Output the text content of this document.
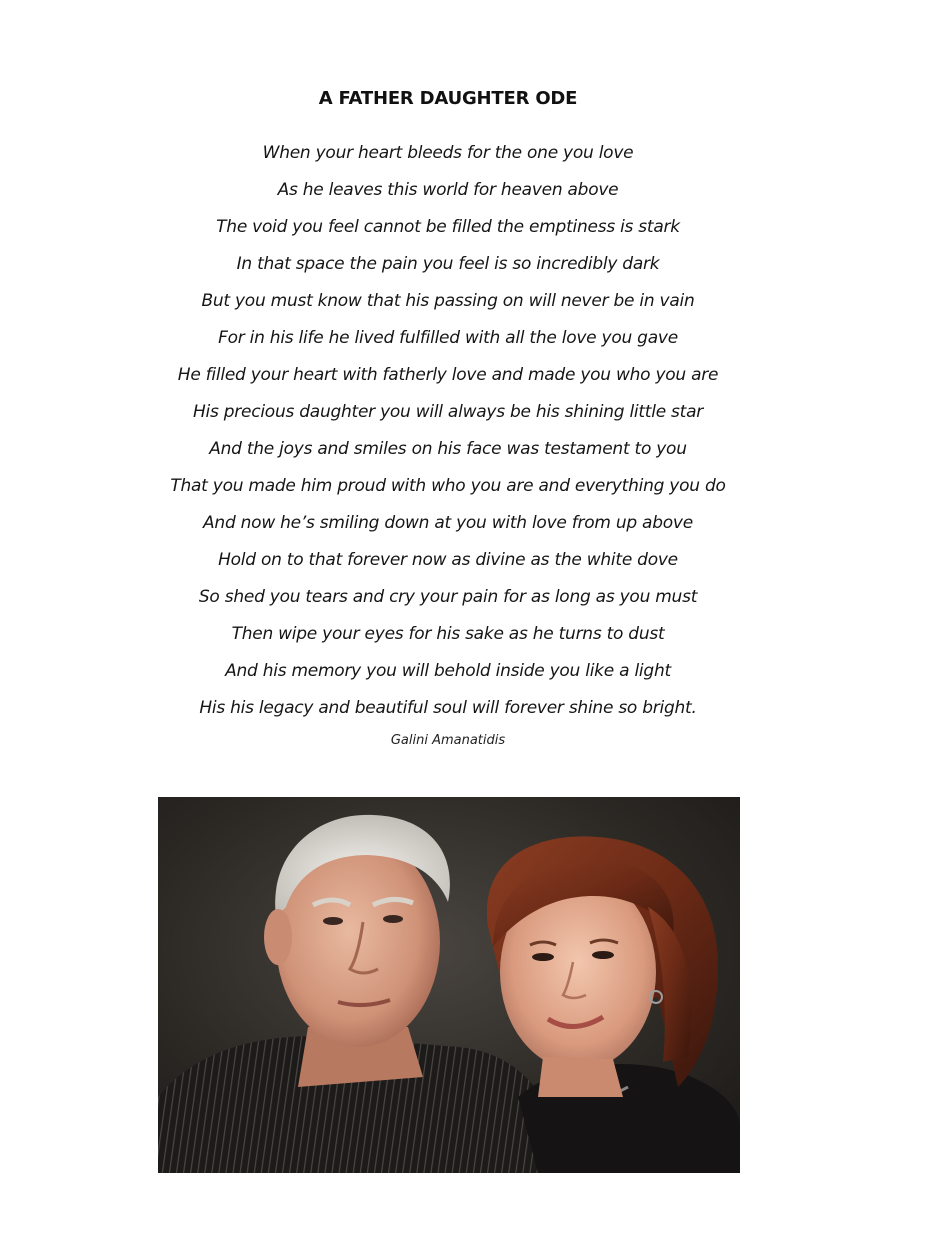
A FATHER DAUGHTER ODE
When your heart bleeds for the one you love
As he leaves this world for heaven above
The void you feel cannot be filled the emptiness is stark
In that space the pain you feel is so incredibly dark
But you must know that his passing on will never be in vain
For in his life he lived fulfilled with all the love you gave
He filled your heart with fatherly love and made you who you are
His precious daughter you will always be his shining little star
And the joys and smiles on his face was testament to you
That you made him proud with who you are and everything you do
And now he’s smiling down at you with love from up above
Hold on to that forever now as divine as the white dove
So shed you tears and cry your pain for as long as you must
Then wipe your eyes for his sake as he turns to dust
And his memory you will behold inside you like a light
His his legacy and beautiful soul will forever shine so bright.
Galini Amanatidis
